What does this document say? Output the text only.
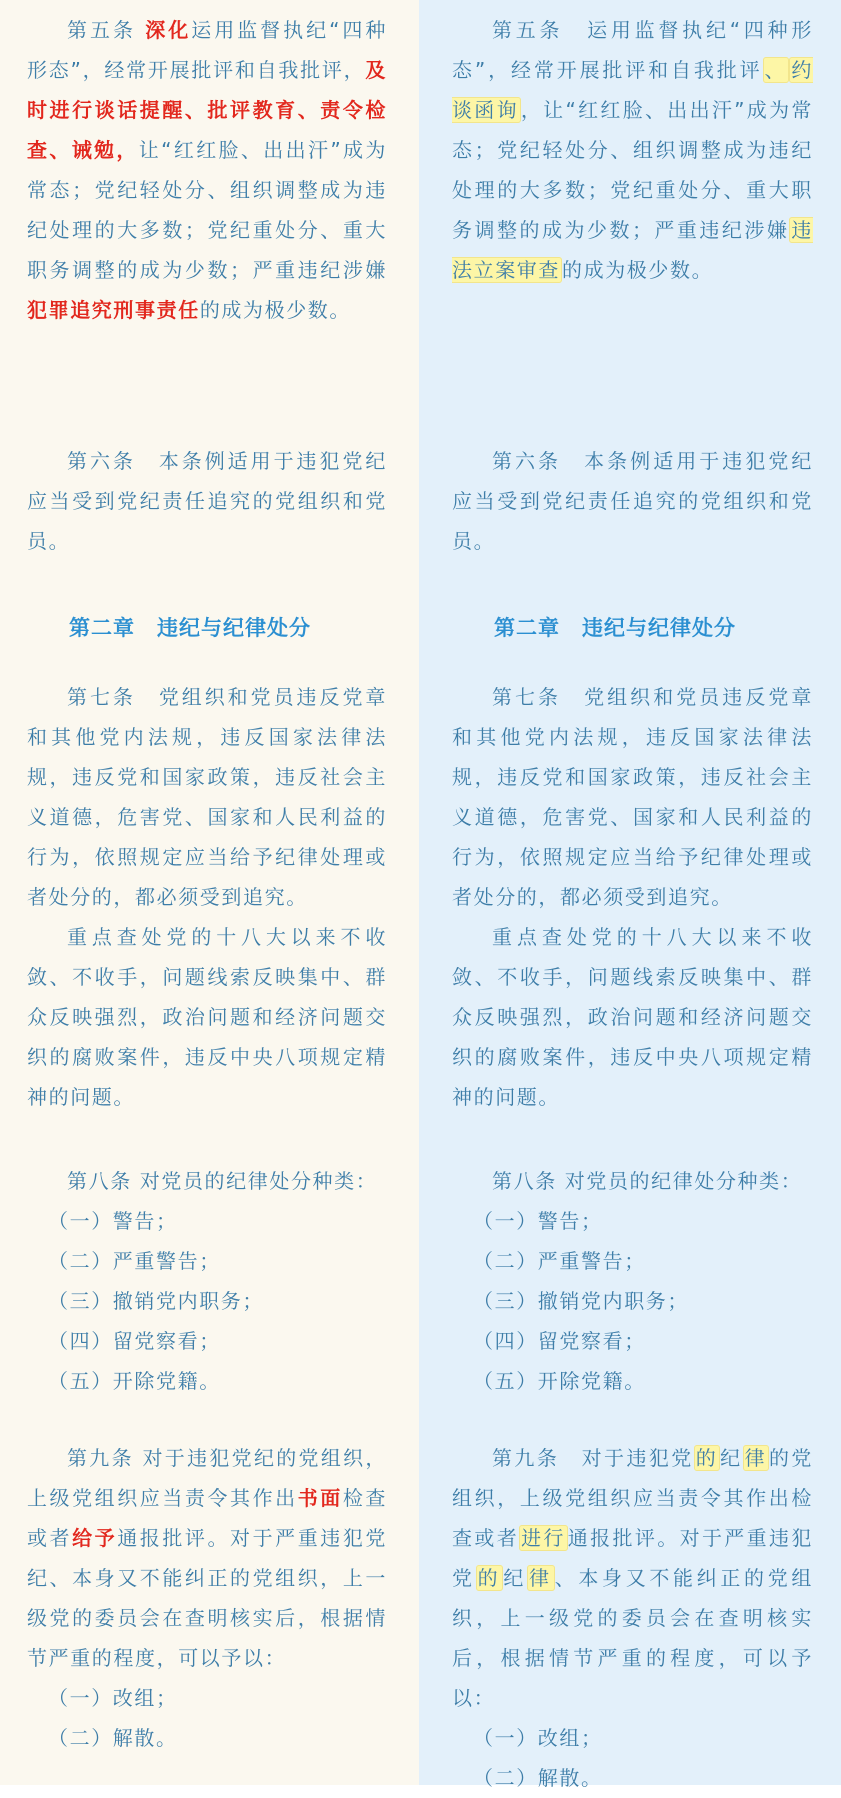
第五条 深化运用监督执纪“四种形态”，经常开展批评和自我批评，及时进行谈话提醒、批评教育、责令检查、诫勉，让“红红脸、出出汗”成为常态；党纪轻处分、组织调整成为违纪处理的大多数；党纪重处分、重大职务调整的成为少数；严重违纪涉嫌犯罪追究刑事责任的成为极少数。

第六条　本条例适用于违犯党纪应当受到党纪责任追究的党组织和党员。

第二章　违纪与纪律处分

第七条　党组织和党员违反党章和其他党内法规，违反国家法律法规，违反党和国家政策，违反社会主义道德，危害党、国家和人民利益的行为，依照规定应当给予纪律处理或者处分的，都必须受到追究。

重点查处党的十八大以来不收敛、不收手，问题线索反映集中、群众反映强烈，政治问题和经济问题交织的腐败案件，违反中央八项规定精神的问题。

第八条 对党员的纪律处分种类：

（一）警告；

（二）严重警告；

（三）撤销党内职务；

（四）留党察看；

（五）开除党籍。

第九条 对于违犯党纪的党组织，上级党组织应当责令其作出书面检查或者给予通报批评。对于严重违犯党纪、本身又不能纠正的党组织，上一级党的委员会在查明核实后，根据情节严重的程度，可以予以：

（一）改组；

（二）解散。

第五条　运用监督执纪“四种形态”，经常开展批评和自我批评 、 约谈函询 ，让“红红脸、出出汗”成为常态；党纪轻处分、组织调整成为违纪处理的大多数；党纪重处分、重大职务调整的成为少数；严重违纪涉嫌 违法立案审查 的成为极少数。

第六条　本条例适用于违犯党纪应当受到党纪责任追究的党组织和党员。

第二章　违纪与纪律处分

第七条　党组织和党员违反党章和其他党内法规，违反国家法律法规，违反党和国家政策，违反社会主义道德，危害党、国家和人民利益的行为，依照规定应当给予纪律处理或者处分的，都必须受到追究。

重点查处党的十八大以来不收敛、不收手，问题线索反映集中、群众反映强烈，政治问题和经济问题交织的腐败案件，违反中央八项规定精神的问题。

第八条 对党员的纪律处分种类：

（一）警告；

（二）严重警告；

（三）撤销党内职务；

（四）留党察看；

（五）开除党籍。

第九条　对于违犯党 的 纪 律 的党组织，上级党组织应当责令其作出检查或者 进行 通报批评。对于严重违犯党 的 纪 律 、本身又不能纠正的党组织，上一级党的委员会在查明核实后，根据情节严重的程度，可以予以：

（一）改组；

（二）解散。
